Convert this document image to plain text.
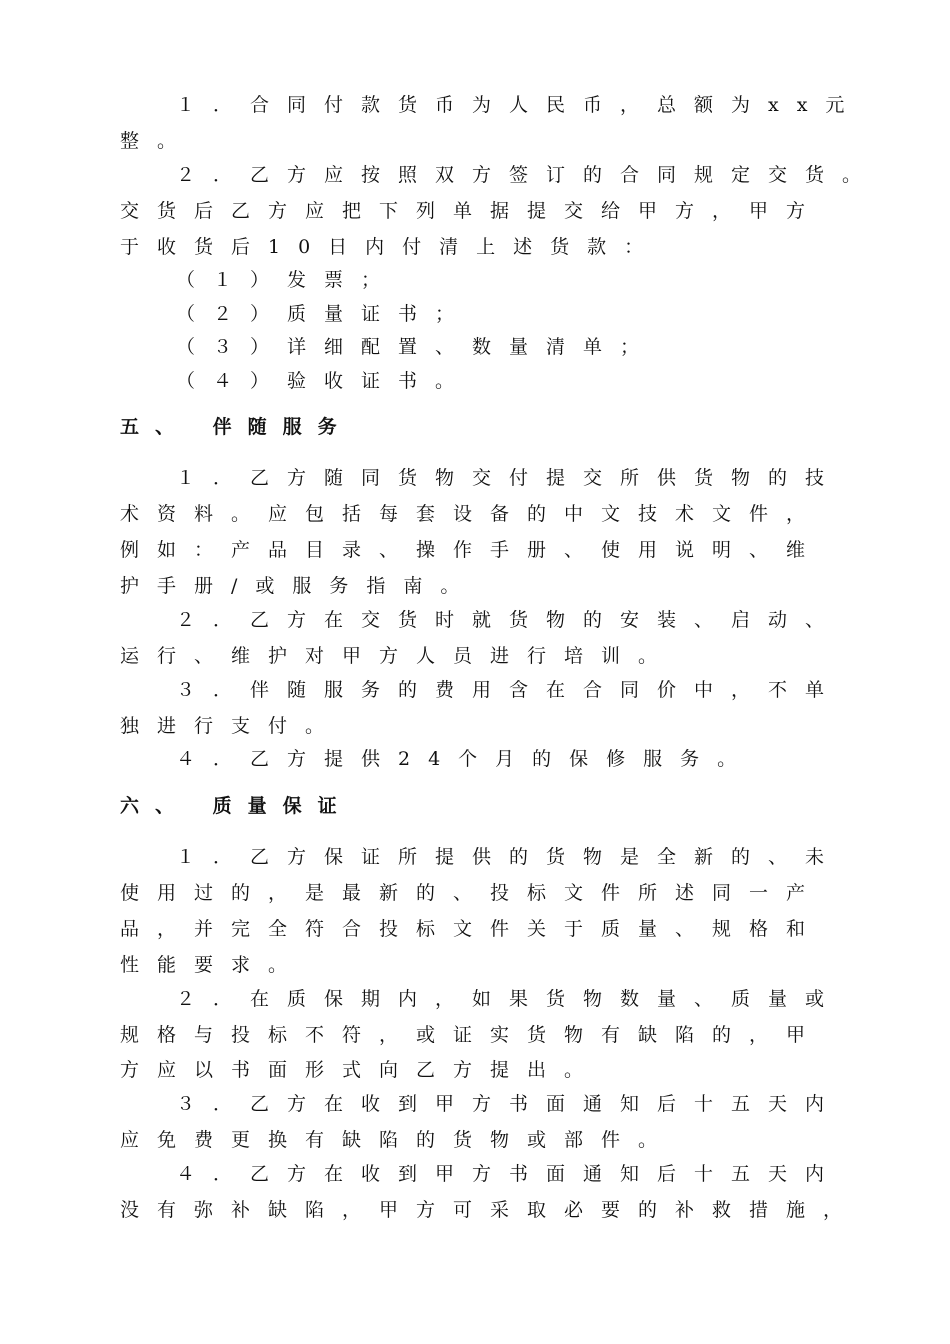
１．合同付款货币为人民币，总额为xx元
整。
２．乙方应按照双方签订的合同规定交货。
交货后乙方应把下列单据提交给甲方，甲方
于收货后10日内付清上述货款：
（１）发票；
（２）质量证书；
（３）详细配置、数量清单；
（４）验收证书。
五、 伴随服务
１．乙方随同货物交付提交所供货物的技
术资料。应包括每套设备的中文技术文件，
例如：产品目录、操作手册、使用说明、维
护手册/或服务指南。
２．乙方在交货时就货物的安装、启动、
运行、维护对甲方人员进行培训。
３．伴随服务的费用含在合同价中，不单
独进行支付。
４．乙方提供24个月的保修服务。
六、 质量保证
１．乙方保证所提供的货物是全新的、未
使用过的，是最新的、投标文件所述同一产
品，并完全符合投标文件关于质量、规格和
性能要求。
２．在质保期内，如果货物数量、质量或
规格与投标不符，或证实货物有缺陷的，甲
方应以书面形式向乙方提出。
３．乙方在收到甲方书面通知后十五天内
应免费更换有缺陷的货物或部件。
４．乙方在收到甲方书面通知后十五天内
没有弥补缺陷，甲方可采取必要的补救措施，
